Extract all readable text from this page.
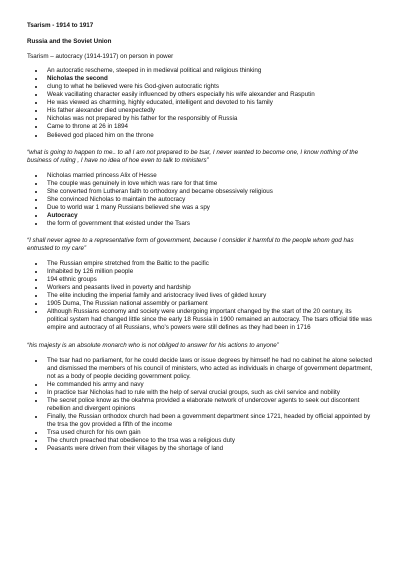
Tsarism - 1914 to 1917

Russia and the Soviet Union

Tsarism – autocracy (1914-1917) on person in power

• An autocratic rescheme, steeped in in medieval political and religious thinking
• Nicholas the second
• clung to what he believed were his God-given autocratic rights
• Weak vacillating character easily influenced by others especially his wife alexander and Rasputin
• He was viewed as charming, highly educated, intelligent and devoted to his family
• His father alexander died unexpectedly
• Nicholas was not prepared by his father for the responsibly of Russia
• Came to throne at 26 in 1894
• Believed god placed him on the throne

“what is going to happen to me.. to all I am not prepared to be tsar, I never wanted to become one, I know nothing of the business of ruling , I have no idea of hoe even to talk to ministers”

• Nicholas married princess Alix of Hesse
• The couple was genuinely in love which was rare for that time
• She converted from Lutheran faith to orthodoxy and became obsessively religious
• She convinced Nicholas to maintain the autocracy
• Due to world war 1 many Russians believed she was a spy
• Autocracy
• the form of government that existed under the Tsars

“I shall never agree to a representative form of government, because I consider it harmful to the people whom god has entrusted to my care”

• The Russian empire stretched from the Baltic to the pacific
• Inhabited by 126 million people
• 194 ethnic groups
• Workers and peasants lived in poverty and hardship
• The elite including the imperial family and aristocracy lived lives of gilded luxury
• 1905 Duma, The Russian national assembly or parliament
• Although Russians economy and society were undergoing important changed by the start of the 20 century, its political system had changed little since the early 18 Russia in 1900 remained an autocracy. The tsars official title was empire and autocracy of all Russians, who’s powers were still defines as they had been in 1716

“his majesty is an absolute monarch who is not obliged to answer for his actions to anyone”

• The tsar had no parliament, for he could decide laws or issue degrees by himself he had no cabinet he alone selected and dismissed the members of his council of ministers, who acted as individuals in charge of government department, not as a body of people deciding government policy.
• He commanded his army and navy
• In practice tsar Nicholas had to rule with the help of serval crucial groups, such as civil service and nobility
• The secret police know as the okahrna provided a elaborate network of undercover agents to seek out discontent rebellion and divergent opinions
• Finally, the Russian orthodox church had been a government department since 1721, headed by official appointed by the trsa the gov provided a fifth of the income
• Trsa used church for his own gain
• The church preached that obedience to the trsa was a religious duty
• Peasants were driven from their villages by the shortage of land
